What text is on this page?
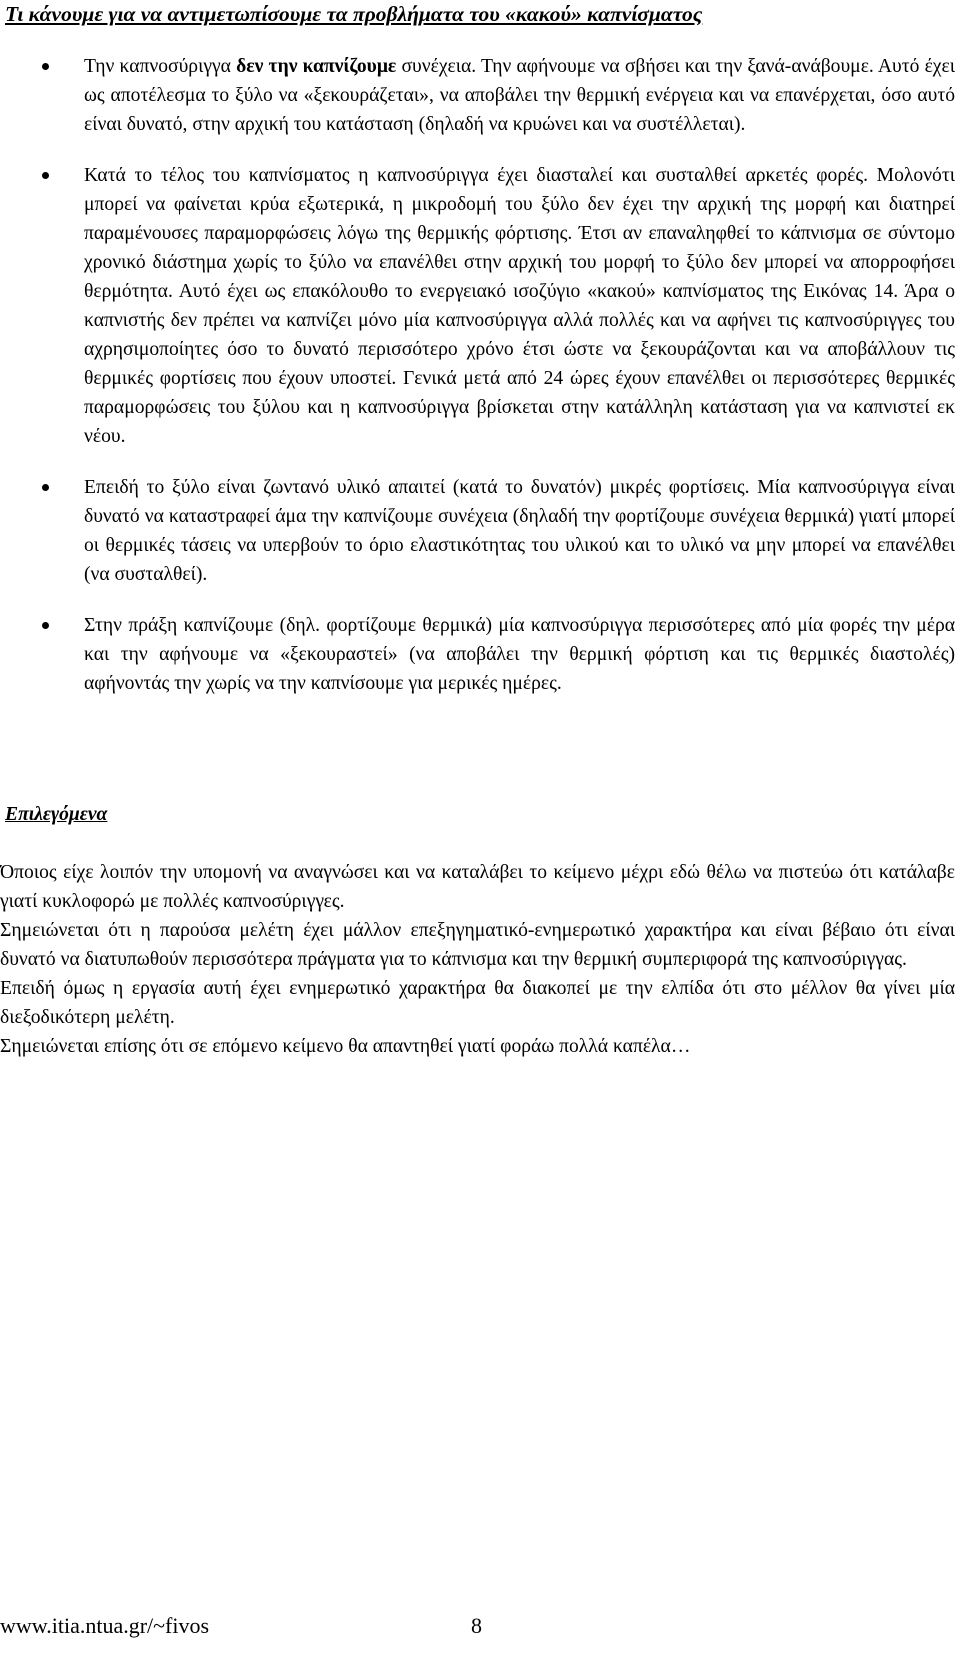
Τι κάνουμε για να αντιμετωπίσουμε τα προβλήματα του «κακού» καπνίσματος
Την καπνοσύριγγα δεν την καπνίζουμε συνέχεια. Την αφήνουμε να σβήσει και την ξανά-ανάβουμε. Αυτό έχει ως αποτέλεσμα το ξύλο να «ξεκουράζεται», να αποβάλει την θερμική ενέργεια και να επανέρχεται, όσο αυτό είναι δυνατό, στην αρχική του κατάσταση (δηλαδή να κρυώνει και να συστέλλεται).
Κατά το τέλος του καπνίσματος η καπνοσύριγγα έχει διασταλεί και συσταλθεί αρκετές φορές. Μολονότι μπορεί να φαίνεται κρύα εξωτερικά, η μικροδομή του ξύλο δεν έχει την αρχική της μορφή και διατηρεί παραμένουσες παραμορφώσεις λόγω της θερμικής φόρτισης. Έτσι αν επαναληφθεί το κάπνισμα σε σύντομο χρονικό διάστημα χωρίς το ξύλο να επανέλθει στην αρχική του μορφή το ξύλο δεν μπορεί να απορροφήσει θερμότητα. Αυτό έχει ως επακόλουθο το ενεργειακό ισοζύγιο «κακού» καπνίσματος της Εικόνας 14. Άρα ο καπνιστής δεν πρέπει να καπνίζει μόνο μία καπνοσύριγγα αλλά πολλές και να αφήνει τις καπνοσύριγγες του αχρησιμοποίητες όσο το δυνατό περισσότερο χρόνο έτσι ώστε να ξεκουράζονται και να αποβάλλουν τις θερμικές φορτίσεις που έχουν υποστεί. Γενικά μετά από 24 ώρες έχουν επανέλθει οι περισσότερες θερμικές παραμορφώσεις του ξύλου και η καπνοσύριγγα βρίσκεται στην κατάλληλη κατάσταση για να καπνιστεί εκ νέου.
Επειδή το ξύλο είναι ζωντανό υλικό απαιτεί (κατά το δυνατόν) μικρές φορτίσεις. Μία καπνοσύριγγα είναι δυνατό να καταστραφεί άμα την καπνίζουμε συνέχεια (δηλαδή την φορτίζουμε συνέχεια θερμικά) γιατί μπορεί οι θερμικές τάσεις να υπερβούν το όριο ελαστικότητας του υλικού και το υλικό να μην μπορεί να επανέλθει (να συσταλθεί).
Στην πράξη καπνίζουμε (δηλ. φορτίζουμε θερμικά) μία καπνοσύριγγα περισσότερες από μία φορές την μέρα και την αφήνουμε να «ξεκουραστεί» (να αποβάλει την θερμική φόρτιση και τις θερμικές διαστολές) αφήνοντάς την χωρίς να την καπνίσουμε για μερικές ημέρες.
Επιλεγόμενα

Όποιος είχε λοιπόν την υπομονή να αναγνώσει και να καταλάβει το κείμενο μέχρι εδώ θέλω να πιστεύω ότι κατάλαβε γιατί κυκλοφορώ με πολλές καπνοσύριγγες.

Σημειώνεται ότι η παρούσα μελέτη έχει μάλλον επεξηγηματικό-ενημερωτικό χαρακτήρα και είναι βέβαιο ότι είναι δυνατό να διατυπωθούν περισσότερα πράγματα για το κάπνισμα και την θερμική συμπεριφορά της καπνοσύριγγας.

Επειδή όμως η εργασία αυτή έχει ενημερωτικό χαρακτήρα θα διακοπεί με την ελπίδα ότι στο μέλλον θα γίνει μία διεξοδικότερη μελέτη.

Σημειώνεται επίσης ότι σε επόμενο κείμενο θα απαντηθεί γιατί φοράω πολλά καπέλα…

www.itia.ntua.gr/~fivos	8
